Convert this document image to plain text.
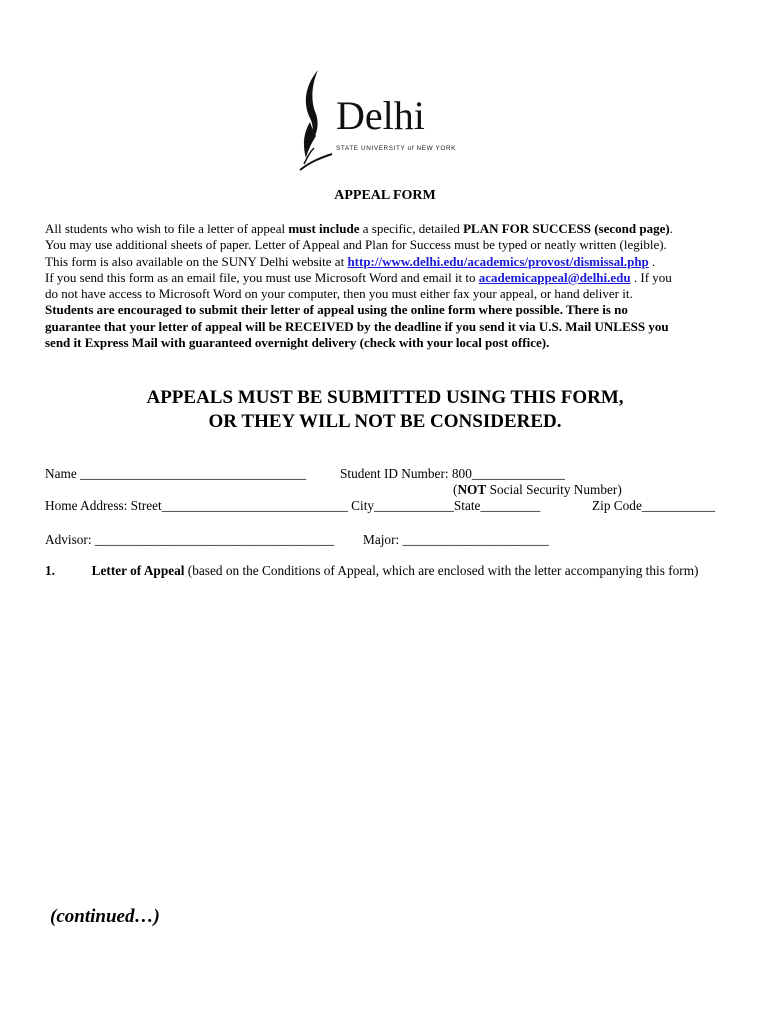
Delhi
STATE UNIVERSITY of NEW YORK
APPEAL FORM
All students who wish to file a letter of appeal must include a specific, detailed PLAN FOR SUCCESS (second page).
You may use additional sheets of paper. Letter of Appeal and Plan for Success must be typed or neatly written (legible).
This form is also available on the SUNY Delhi website at http://www.delhi.edu/academics/provost/dismissal.php .
If you send this form as an email file, you must use Microsoft Word and email it to academicappeal@delhi.edu . If you
do not have access to Microsoft Word on your computer, then you must either fax your appeal, or hand deliver it.
Students are encouraged to submit their letter of appeal using the online form where possible. There is no
guarantee that your letter of appeal will be RECEIVED by the deadline if you send it via U.S. Mail UNLESS you
send it Express Mail with guaranteed overnight delivery (check with your local post office).
APPEALS MUST BE SUBMITTED USING THIS FORM,
OR THEY WILL NOT BE CONSIDERED.
Name __________________________________	Student ID Number: 800______________
(NOT Social Security Number)
Home Address: Street____________________________ City____________State_________	Zip Code___________
Advisor: ____________________________________ Major: ______________________
1.	Letter of Appeal (based on the Conditions of Appeal, which are enclosed with the letter accompanying this form)
(continued…)
